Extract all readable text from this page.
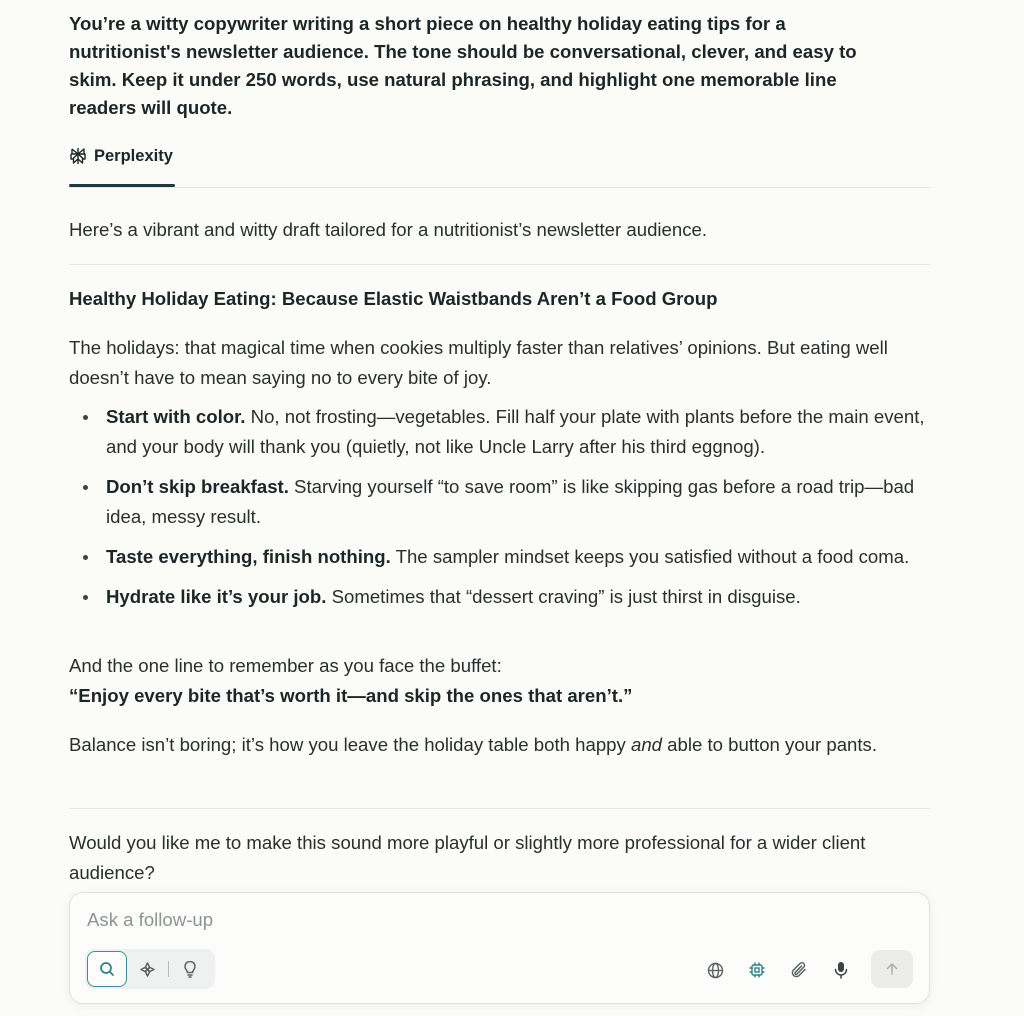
You’re a witty copywriter writing a short piece on healthy holiday eating tips for a nutritionist's newsletter audience. The tone should be conversational, clever, and easy to skim. Keep it under 250 words, use natural phrasing, and highlight one memorable line readers will quote.
Perplexity
Here’s a vibrant and witty draft tailored for a nutritionist’s newsletter audience.
Healthy Holiday Eating: Because Elastic Waistbands Aren’t a Food Group
The holidays: that magical time when cookies multiply faster than relatives’ opinions. But eating well doesn’t have to mean saying no to every bite of joy.
Start with color. No, not frosting—vegetables. Fill half your plate with plants before the main event, and your body will thank you (quietly, not like Uncle Larry after his third eggnog).
Don’t skip breakfast. Starving yourself “to save room” is like skipping gas before a road trip—bad idea, messy result.
Taste everything, finish nothing. The sampler mindset keeps you satisfied without a food coma.
Hydrate like it’s your job. Sometimes that “dessert craving” is just thirst in disguise.
And the one line to remember as you face the buffet:
“Enjoy every bite that’s worth it—and skip the ones that aren’t.”
Balance isn’t boring; it’s how you leave the holiday table both happy and able to button your pants.
Would you like me to make this sound more playful or slightly more professional for a wider client audience?
Ask a follow-up
